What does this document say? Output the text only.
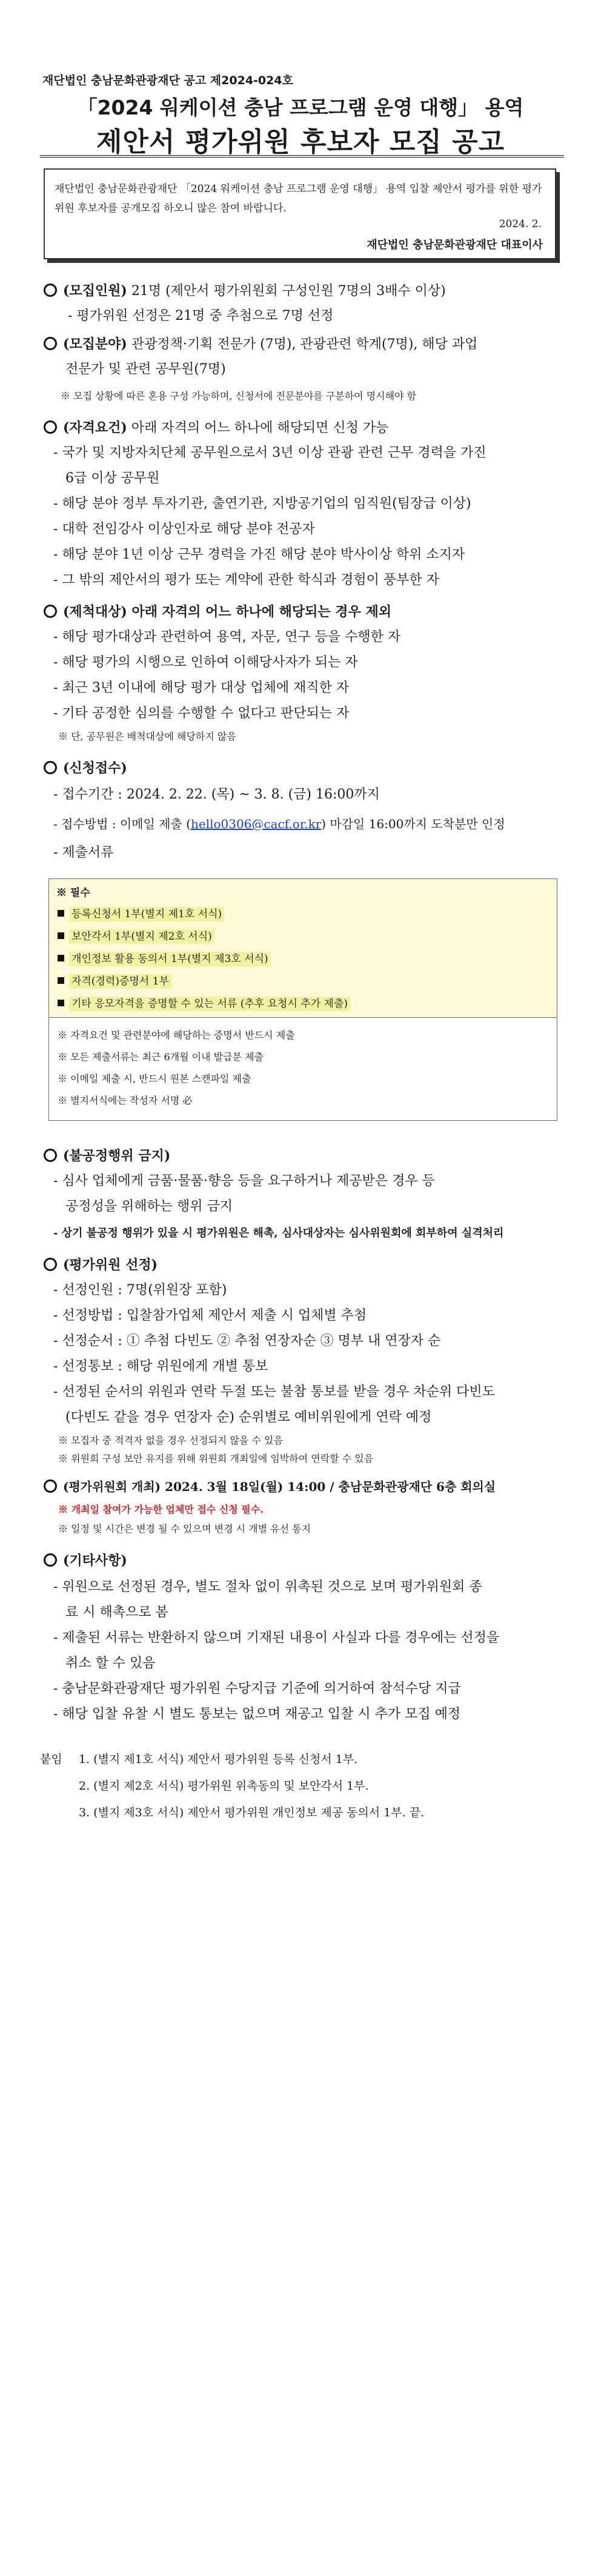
재단법인 충남문화관광재단 공고 제2024-024호
「2024 워케이션 충남 프로그램 운영 대행」 용역
제안서 평가위원 후보자 모집 공고
재단법인 충남문화관광재단 「2024 워케이션 충남 프로그램 운영 대행」 용역 입찰 제안서 평가를 위한 평가위원 후보자를 공개모집 하오니 많은 참여 바랍니다.
2024. 2.
재단법인 충남문화관광재단 대표이사
(모집인원) 21명 (제안서 평가위원회 구성인원 7명의 3배수 이상)
- 평가위원 선정은 21명 중 추첨으로 7명 선정
(모집분야) 관광정책·기획 전문가 (7명), 관광관련 학계(7명), 해당 과업
전문가 및 관련 공무원(7명)
※ 모집 상황에 따른 혼용 구성 가능하며, 신청서에 전문분야를 구분하여 명시해야 함
(자격요건) 아래 자격의 어느 하나에 해당되면 신청 가능
- 국가 및 지방자치단체 공무원으로서 3년 이상 관광 관련 근무 경력을 가진
6급 이상 공무원
- 해당 분야 정부 투자기관, 출연기관, 지방공기업의 임직원(팀장급 이상)
- 대학 전임강사 이상인자로 해당 분야 전공자
- 해당 분야 1년 이상 근무 경력을 가진 해당 분야 박사이상 학위 소지자
- 그 밖의 제안서의 평가 또는 계약에 관한 학식과 경험이 풍부한 자
(제척대상) 아래 자격의 어느 하나에 해당되는 경우 제외
- 해당 평가대상과 관련하여 용역, 자문, 연구 등을 수행한 자
- 해당 평가의 시행으로 인하여 이해당사자가 되는 자
- 최근 3년 이내에 해당 평가 대상 업체에 재직한 자
- 기타 공정한 심의를 수행할 수 없다고 판단되는 자
※ 단, 공무원은 배척대상에 해당하지 않음
(신청접수)
- 접수기간 : 2024. 2. 22. (목) ~ 3. 8. (금) 16:00까지
- 접수방법 : 이메일 제출 (hello0306@cacf.or.kr) 마감일 16:00까지 도착분만 인정
- 제출서류
※ 필수
등록신청서 1부(별지 제1호 서식)
보안각서 1부(별지 제2호 서식)
개인정보 활용 동의서 1부(별지 제3호 서식)
자격(경력)증명서 1부
기타 응모자격을 증명할 수 있는 서류 (추후 요청시 추가 제출)
※ 자격요건 및 관련분야에 해당하는 증명서 반드시 제출
※ 모든 제출서류는 최근 6개월 이내 발급분 제출
※ 이메일 제출 시, 반드시 원본 스캔파일 제출
※ 별지서식에는 작성자 서명 必
(불공정행위 금지)
- 심사 업체에게 금품·물품·향응 등을 요구하거나 제공받은 경우 등
공정성을 위해하는 행위 금지
- 상기 불공정 행위가 있을 시 평가위원은 해촉, 심사대상자는 심사위원회에 회부하여 실격처리
(평가위원 선정)
- 선정인원 : 7명(위원장 포함)
- 선정방법 : 입찰참가업체 제안서 제출 시 업체별 추첨
- 선정순서 : ① 추첨 다빈도 ② 추첨 연장자순 ③ 명부 내 연장자 순
- 선정통보 : 해당 위원에게 개별 통보
- 선정된 순서의 위원과 연락 두절 또는 불참 통보를 받을 경우 차순위 다빈도
(다빈도 같을 경우 연장자 순) 순위별로 예비위원에게 연락 예정
※ 모집자 중 적격자 없을 경우 선정되지 않을 수 있음
※ 위원회 구성 보안 유지를 위해 위원회 개최일에 임박하여 연락할 수 있음
(평가위원회 개최) 2024. 3월 18일(월) 14:00 / 충남문화관광재단 6층 회의실
※ 개최일 참여가 가능한 업체만 접수 신청 필수.
※ 일정 및 시간은 변경 될 수 있으며 변경 시 개별 유선 통지
(기타사항)
- 위원으로 선정된 경우, 별도 절차 없이 위촉된 것으로 보며 평가위원회 종
료 시 해촉으로 봄
- 제출된 서류는 반환하지 않으며 기재된 내용이 사실과 다를 경우에는 선정을
취소 할 수 있음
- 충남문화관광재단 평가위원 수당지급 기준에 의거하여 참석수당 지급
- 해당 입찰 유찰 시 별도 통보는 없으며 재공고 입찰 시 추가 모집 예정
붙임 1. (별지 제1호 서식) 제안서 평가위원 등록 신청서 1부.
2. (별지 제2호 서식) 평가위원 위촉동의 및 보안각서 1부.
3. (별지 제3호 서식) 제안서 평가위원 개인정보 제공 동의서 1부. 끝.
